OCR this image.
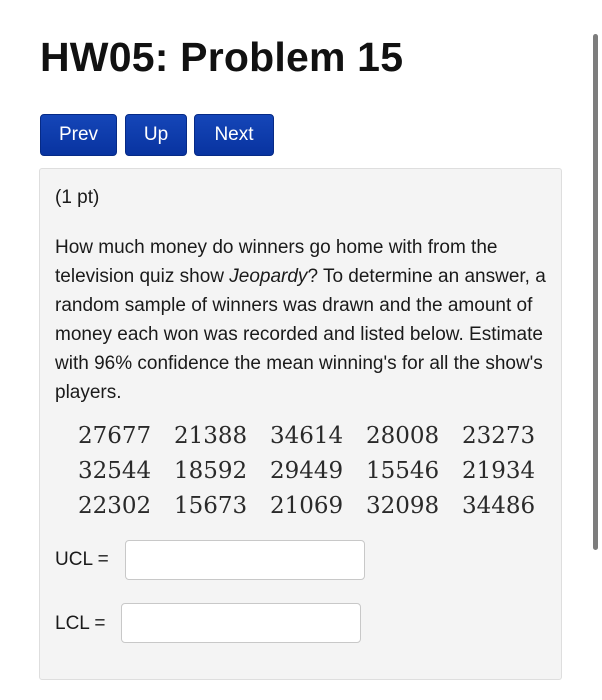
HW05: Problem 15
Prev	Up	Next
(1 pt)

How much money do winners go home with from the television quiz show Jeopardy? To determine an answer, a random sample of winners was drawn and the amount of money each won was recorded and listed below. Estimate with 96% confidence the mean winning's for all the show's players.

27677 21388 34614 28008 23273
32544 18592 29449 15546 21934
22302 15673 21069 32098 34486
UCL =
LCL =
